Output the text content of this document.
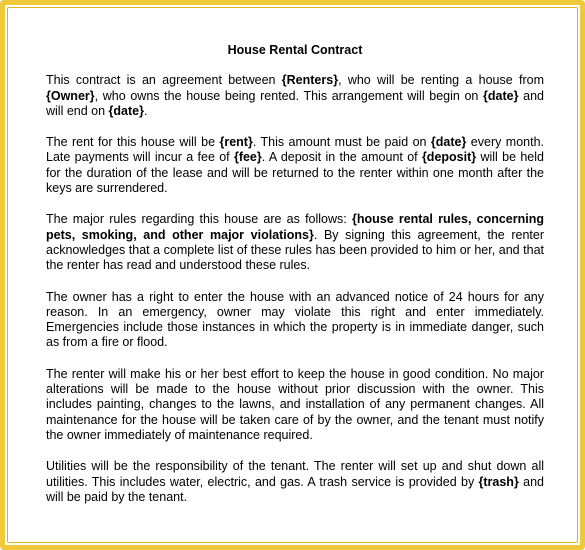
House Rental Contract

This contract is an agreement between {Renters}, who will be renting a house from {Owner}, who owns the house being rented. This arrangement will begin on {date} and will end on {date}.

The rent for this house will be {rent}. This amount must be paid on {date} every month. Late payments will incur a fee of {fee}. A deposit in the amount of {deposit} will be held for the duration of the lease and will be returned to the renter within one month after the keys are surrendered.

The major rules regarding this house are as follows: {house rental rules, concerning pets, smoking, and other major violations}. By signing this agreement, the renter acknowledges that a complete list of these rules has been provided to him or her, and that the renter has read and understood these rules.

The owner has a right to enter the house with an advanced notice of 24 hours for any reason. In an emergency, owner may violate this right and enter immediately. Emergencies include those instances in which the property is in immediate danger, such as from a fire or flood.

The renter will make his or her best effort to keep the house in good condition. No major alterations will be made to the house without prior discussion with the owner. This includes painting, changes to the lawns, and installation of any permanent changes. All maintenance for the house will be taken care of by the owner, and the tenant must notify the owner immediately of maintenance required.

Utilities will be the responsibility of the tenant. The renter will set up and shut down all utilities. This includes water, electric, and gas. A trash service is provided by {trash} and will be paid by the tenant.
